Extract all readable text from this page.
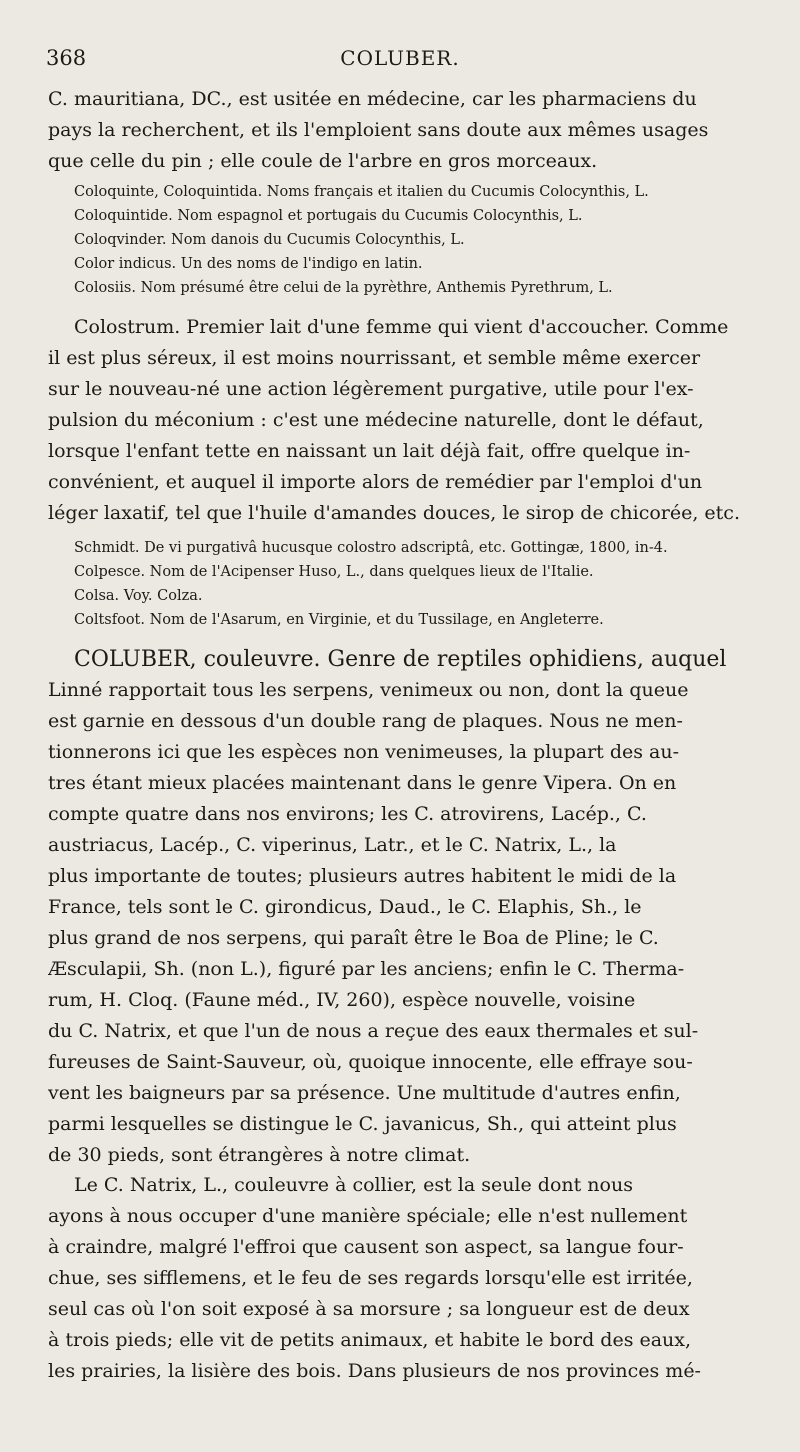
368	COLUBER.
C. mauritiana, DC., est usitée en médecine, car les pharmaciens du
pays la recherchent, et ils l'emploient sans doute aux mêmes usages
que celle du pin ; elle coule de l'arbre en gros morceaux.
Coloquinte, Coloquintida. Noms français et italien du Cucumis Colocynthis, L.
Coloquintide. Nom espagnol et portugais du Cucumis Colocynthis, L.
Coloqvinder. Nom danois du Cucumis Colocynthis, L.
Color indicus. Un des noms de l'indigo en latin.
Colosiis. Nom présumé être celui de la pyrèthre, Anthemis Pyrethrum, L.
Colostrum. Premier lait d'une femme qui vient d'accoucher. Comme
il est plus séreux, il est moins nourrissant, et semble même exercer
sur le nouveau-né une action légèrement purgative, utile pour l'ex-
pulsion du méconium : c'est une médecine naturelle, dont le défaut,
lorsque l'enfant tette en naissant un lait déjà fait, offre quelque in-
convénient, et auquel il importe alors de remédier par l'emploi d'un
léger laxatif, tel que l'huile d'amandes douces, le sirop de chicorée, etc.
Schmidt. De vi purgativâ hucusque colostro adscriptâ, etc. Gottingæ, 1800, in-4.
Colpesce. Nom de l'Acipenser Huso, L., dans quelques lieux de l'Italie.
Colsa. Voy. Colza.
Coltsfoot. Nom de l'Asarum, en Virginie, et du Tussilage, en Angleterre.
COLUBER, couleuvre. Genre de reptiles ophidiens, auquel
Linné rapportait tous les serpens, venimeux ou non, dont la queue
est garnie en dessous d'un double rang de plaques. Nous ne men-
tionnerons ici que les espèces non venimeuses, la plupart des au-
tres étant mieux placées maintenant dans le genre Vipera. On en
compte quatre dans nos environs; les C. atrovirens, Lacép., C.
austriacus, Lacép., C. viperinus, Latr., et le C. Natrix, L., la
plus importante de toutes; plusieurs autres habitent le midi de la
France, tels sont le C. girondicus, Daud., le C. Elaphis, Sh., le
plus grand de nos serpens, qui paraît être le Boa de Pline; le C.
Æsculapii, Sh. (non L.), figuré par les anciens; enfin le C. Therma-
rum, H. Cloq. (Faune méd., IV, 260), espèce nouvelle, voisine
du C. Natrix, et que l'un de nous a reçue des eaux thermales et sul-
fureuses de Saint-Sauveur, où, quoique innocente, elle effraye sou-
vent les baigneurs par sa présence. Une multitude d'autres enfin,
parmi lesquelles se distingue le C. javanicus, Sh., qui atteint plus
de 30 pieds, sont étrangères à notre climat.
Le C. Natrix, L., couleuvre à collier, est la seule dont nous
ayons à nous occuper d'une manière spéciale; elle n'est nullement
à craindre, malgré l'effroi que causent son aspect, sa langue four-
chue, ses sifflemens, et le feu de ses regards lorsqu'elle est irritée,
seul cas où l'on soit exposé à sa morsure ; sa longueur est de deux
à trois pieds; elle vit de petits animaux, et habite le bord des eaux,
les prairies, la lisière des bois. Dans plusieurs de nos provinces mé-
